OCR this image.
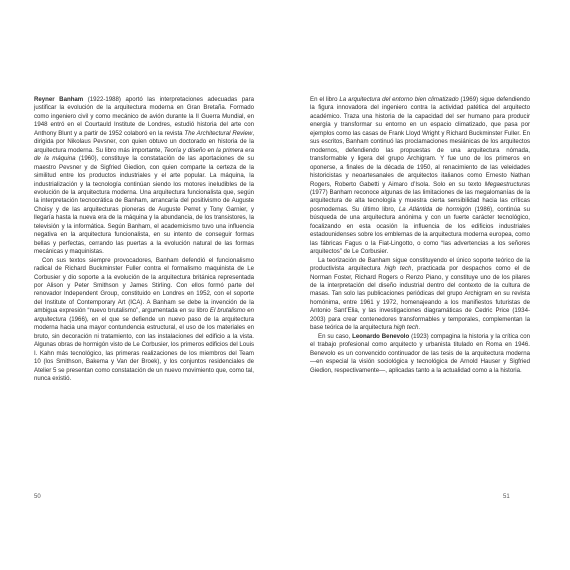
Reyner Banham (1922-1988) aportó las interpretaciones adecuadas para justificar la evolución de la arquitectura moderna en Gran Bretaña. Formado como ingeniero civil y como mecánico de avión durante la II Guerra Mundial, en 1948 entró en el Courtauld Institute de Londres, estudió historia del arte con Anthony Blunt y a partir de 1952 colaboró en la revista The Architectural Review, dirigida por Nikolaus Pevsner, con quien obtuvo un doctorado en historia de la arquitectura moderna. Su libro más importante, Teoría y diseño en la primera era de la máquina (1960), constituye la constatación de las aportaciones de su maestro Pevsner y de Sigfried Giedion, con quien comparte la certeza de la similitud entre los productos industriales y el arte popular. La máquina, la industrialización y la tecnología continúan siendo los motores ineludibles de la evolución de la arquitectura moderna. Una arquitectura funcionalista que, según la interpretación tecnocrática de Banham, arrancaría del positivismo de Auguste Choisy y de las arquitecturas pioneras de Auguste Perret y Tony Garnier, y llegaría hasta la nueva era de la máquina y la abundancia, de los transistores, la televisión y la informática. Según Banham, el academicismo tuvo una influencia negativa en la arquitectura funcionalista, en su intento de conseguir formas bellas y perfectas, cerrando las puertas a la evolución natural de las formas mecánicas y maquinistas.

Con sus textos siempre provocadores, Banham defendió el funcionalismo radical de Richard Buckminster Fuller contra el formalismo maquinista de Le Corbusier y dio soporte a la evolución de la arquitectura británica representada por Alison y Peter Smithson y James Stirling. Con ellos formó parte del renovador Independent Group, constituido en Londres en 1952, con el soporte del Institute of Contemporary Art (ICA). A Banham se debe la invención de la ambigua expresión “nuevo brutalismo”, argumentada en su libro El brutalismo en arquitectura (1966), en el que se defiende un nuevo paso de la arquitectura moderna hacia una mayor contundencia estructural, el uso de los materiales en bruto, sin decoración ni tratamiento, con las instalaciones del edificio a la vista. Algunas obras de hormigón visto de Le Corbusier, los primeros edificios del Louis I. Kahn más tecnológico, las primeras realizaciones de los miembros del Team 10 (los Smithson, Bakema y Van der Broek), y los conjuntos residenciales de Atelier 5 se presentan como constatación de un nuevo movimiento que, como tal, nunca existió.

En el libro La arquitectura del entorno bien climatizado (1969) sigue defendiendo la figura innovadora del ingeniero contra la actividad patética del arquitecto académico. Traza una historia de la capacidad del ser humano para producir energía y transformar su entorno en un espacio climatizado, que pasa por ejemplos como las casas de Frank Lloyd Wright y Richard Buckminster Fuller. En sus escritos, Banham continuó las proclamaciones mesiánicas de los arquitectos modernos, defendiendo las propuestas de una arquitectura nómada, transformable y ligera del grupo Archigram. Y fue uno de los primeros en oponerse, a finales de la década de 1950, al renacimiento de las veleidades historicistas y neoartesanales de arquitectos italianos como Ernesto Nathan Rogers, Roberto Gabetti y Aimaro d’Isola. Solo en su texto Megaestructuras (1977) Banham reconoce algunas de las limitaciones de las megalomanías de la arquitectura de alta tecnología y muestra cierta sensibilidad hacia las críticas posmodernas. Su último libro, La Atlántida de hormigón (1986), continúa su búsqueda de una arquitectura anónima y con un fuerte carácter tecnológico, focalizando en esta ocasión la influencia de los edificios industriales estadounidenses sobre los emblemas de la arquitectura moderna europea, como las fábricas Fagus o la Fiat-Lingotto, o como “las advertencias a los señores arquitectos” de Le Corbusier.

La teorización de Banham sigue constituyendo el único soporte teórico de la productivista arquitectura high tech, practicada por despachos como el de Norman Foster, Richard Rogers o Renzo Piano, y constituye uno de los pilares de la interpretación del diseño industrial dentro del contexto de la cultura de masas. Tan solo las publicaciones periódicas del grupo Archigram en su revista homónima, entre 1961 y 1972, homenajeando a los manifiestos futuristas de Antonio Sant’Elia, y las investigaciones diagramáticas de Cedric Price (1934-2003) para crear contenedores transformables y temporales, complementan la base teórica de la arquitectura high tech.

En su caso, Leonardo Benevolo (1923) compagina la historia y la crítica con el trabajo profesional como arquitecto y urbanista titulado en Roma en 1946. Benevolo es un convencido continuador de las tesis de la arquitectura moderna —en especial la visión sociológica y tecnológica de Arnold Hauser y Sigfried Giedion, respectivamente—, aplicadas tanto a la actualidad como a la historia.

50	51
